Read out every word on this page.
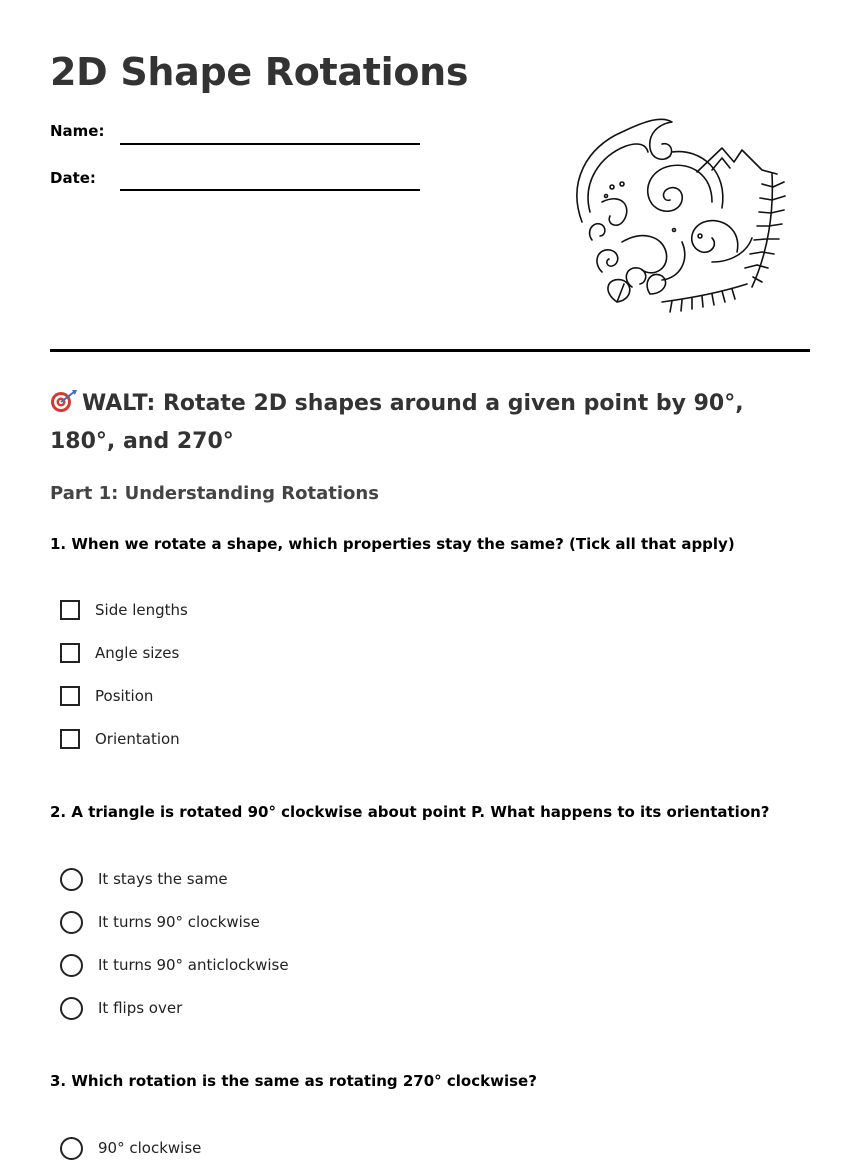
2D Shape Rotations
Name:
Date:
WALT: Rotate 2D shapes around a given point by 90°, 180°, and 270°
Part 1: Understanding Rotations

1. When we rotate a shape, which properties stay the same? (Tick all that apply)

Side lengths
Angle sizes
Position
Orientation

2. A triangle is rotated 90° clockwise about point P. What happens to its orientation?

It stays the same
It turns 90° clockwise
It turns 90° anticlockwise
It flips over

3. Which rotation is the same as rotating 270° clockwise?

90° clockwise
